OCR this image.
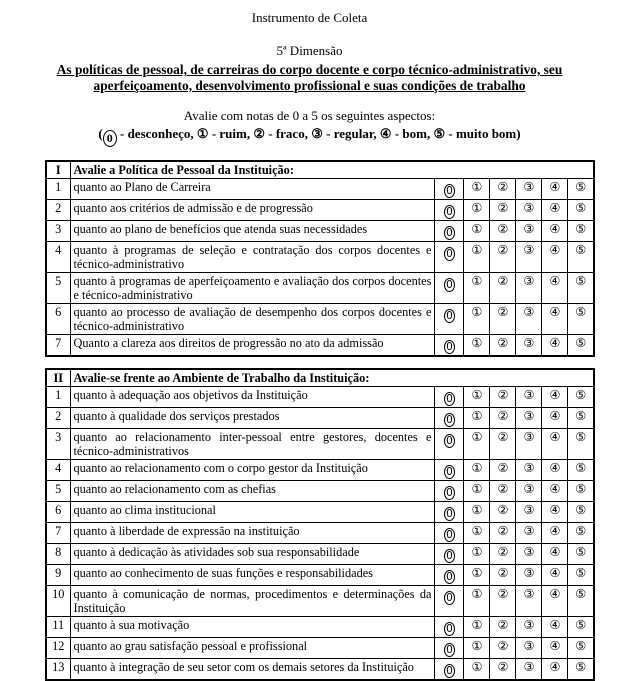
Instrumento de Coleta
5ª Dimensão
As políticas de pessoal, de carreiras do corpo docente e corpo técnico-administrativo, seu aperfeiçoamento, desenvolvimento profissional e suas condições de trabalho
Avalie com notas de 0 a 5 os seguintes aspectos:
( 0 - desconheço, ① - ruim, ② - fraco, ③ - regular, ④ - bom, ⑤ - muito bom)
I	Avalie a Política de Pessoal da Instituição:						
1	quanto ao Plano de Carreira	0	①	②	③	④	⑤
2	quanto aos critérios de admissão e de progressão	0	①	②	③	④	⑤
3	quanto ao plano de benefícios que atenda suas necessidades	0	①	②	③	④	⑤
4	quanto à programas de seleção e contratação dos corpos docentes e técnico-administrativo	0	①	②	③	④	⑤
5	quanto à programas de aperfeiçoamento e avaliação dos corpos docentes e técnico-administrativo	0	①	②	③	④	⑤
6	quanto ao processo de avaliação de desempenho dos corpos docentes e técnico-administrativo	0	①	②	③	④	⑤
7	Quanto a clareza aos direitos de progressão no ato da admissão	0	①	②	③	④	⑤
II	Avalie-se frente ao Ambiente de Trabalho da Instituição:						
1	quanto à adequação aos objetivos da Instituição	0	①	②	③	④	⑤
2	quanto à qualidade dos serviços prestados	0	①	②	③	④	⑤
3	quanto ao relacionamento inter-pessoal entre gestores, docentes e técnico-administrativos	0	①	②	③	④	⑤
4	quanto ao relacionamento com o corpo gestor da Instituição	0	①	②	③	④	⑤
5	quanto ao relacionamento com as chefias	0	①	②	③	④	⑤
6	quanto ao clima institucional	0	①	②	③	④	⑤
7	quanto à liberdade de expressão na instituição	0	①	②	③	④	⑤
8	quanto à dedicação às atividades sob sua responsabilidade	0	①	②	③	④	⑤
9	quanto ao conhecimento de suas funções e responsabilidades	0	①	②	③	④	⑤
10	quanto à comunicação de normas, procedimentos e determinações da Instituição	0	①	②	③	④	⑤
11	quanto à sua motivação	0	①	②	③	④	⑤
12	quanto ao grau satisfação pessoal e profissional	0	①	②	③	④	⑤
13	quanto à integração de seu setor com os demais setores da Instituição	0	①	②	③	④	⑤
